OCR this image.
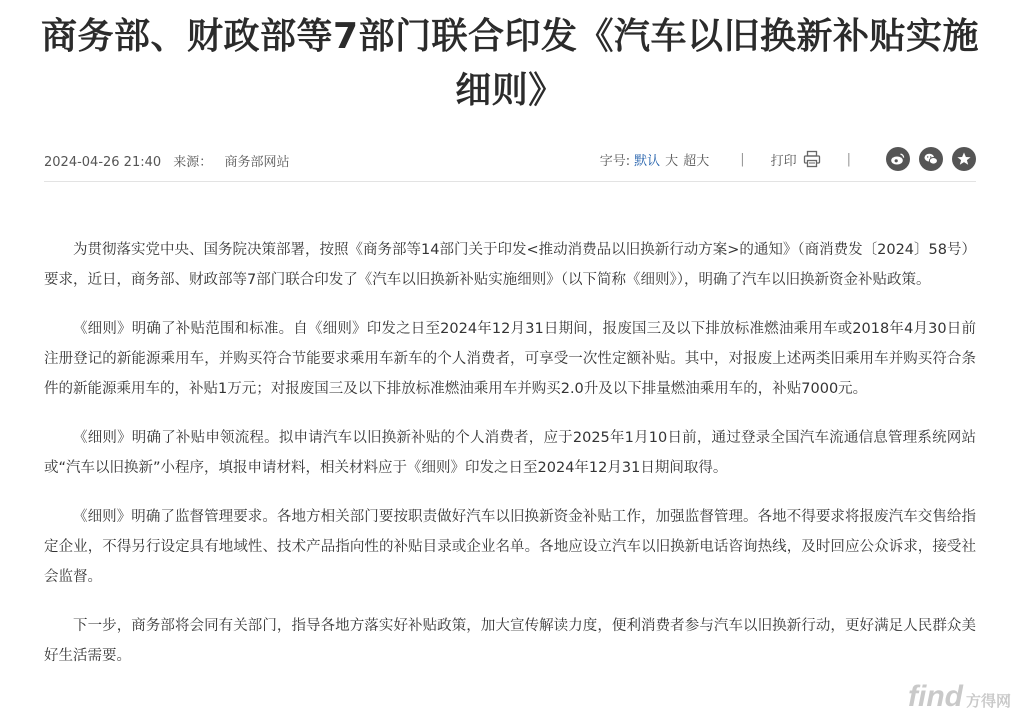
商务部、财政部等7部门联合印发《汽车以旧换新补贴实施细则》
2024-04-26 21:40 来源： 商务部网站	字号: 默认 大 超大 | 打印	|

为贯彻落实党中央、国务院决策部署，按照《商务部等14部门关于印发<推动消费品以旧换新行动方案>的通知》（商消费发〔2024〕58号）要求，近日，商务部、财政部等7部门联合印发了《汽车以旧换新补贴实施细则》（以下简称《细则》），明确了汽车以旧换新资金补贴政策。

《细则》明确了补贴范围和标准。自《细则》印发之日至2024年12月31日期间，报废国三及以下排放标准燃油乘用车或2018年4月30日前注册登记的新能源乘用车，并购买符合节能要求乘用车新车的个人消费者，可享受一次性定额补贴。其中，对报废上述两类旧乘用车并购买符合条件的新能源乘用车的，补贴1万元；对报废国三及以下排放标准燃油乘用车并购买2.0升及以下排量燃油乘用车的，补贴7000元。

《细则》明确了补贴申领流程。拟申请汽车以旧换新补贴的个人消费者，应于2025年1月10日前，通过登录全国汽车流通信息管理系统网站或“汽车以旧换新”小程序，填报申请材料，相关材料应于《细则》印发之日至2024年12月31日期间取得。

《细则》明确了监督管理要求。各地方相关部门要按职责做好汽车以旧换新资金补贴工作，加强监督管理。各地不得要求将报废汽车交售给指定企业，不得另行设定具有地域性、技术产品指向性的补贴目录或企业名单。各地应设立汽车以旧换新电话咨询热线，及时回应公众诉求，接受社会监督。

下一步，商务部将会同有关部门，指导各地方落实好补贴政策，加大宣传解读力度，便利消费者参与汽车以旧换新行动，更好满足人民群众美好生活需要。

find 方得网
